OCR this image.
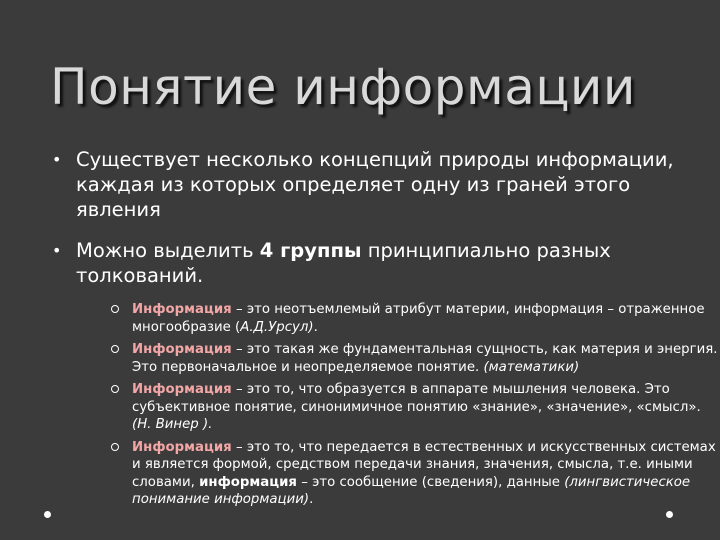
Понятие информации
• Существует несколько концепций природы информации, каждая из которых определяет одну из граней этого явления
• Можно выделить 4 группы принципиально разных толкований.
Информация – это неотъемлемый атрибут материи, информация – отраженное многообразие (А.Д.Урсул).
Информация – это такая же фундаментальная сущность, как материя и энергия. Это первоначальное и неопределяемое понятие. (математики)
Информация – это то, что образуется в аппарате мышления человека. Это субъективное понятие, синонимичное понятию «знание», «значение», «смысл». (Н. Винер ).
Информация – это то, что передается в естественных и искусственных системах и является формой, средством передачи знания, значения, смысла, т.е. иными словами, информация – это сообщение (сведения), данные (лингвистическое понимание информации).
